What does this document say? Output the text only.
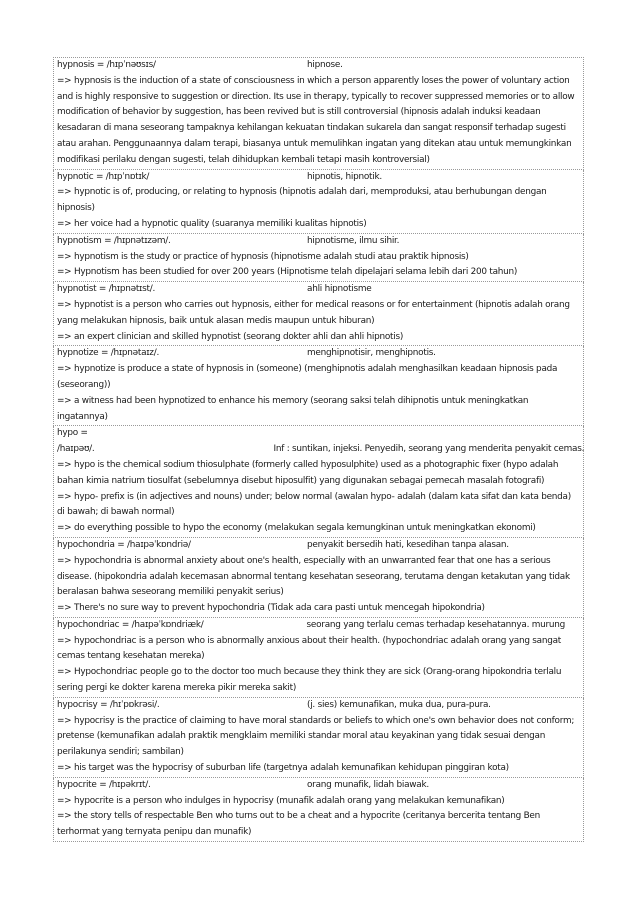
hypnosis = /hɪpˈnəʊsɪs/	hipnose.
=> hypnosis is the induction of a state of consciousness in which a person apparently loses the power of voluntary action and is highly responsive to suggestion or direction. Its use in therapy, typically to recover suppressed memories or to allow modification of behavior by suggestion, has been revived but is still controversial (hipnosis adalah induksi keadaan kesadaran di mana seseorang tampaknya kehilangan kekuatan tindakan sukarela dan sangat responsif terhadap sugesti atau arahan. Penggunaannya dalam terapi, biasanya untuk memulihkan ingatan yang ditekan atau untuk memungkinkan modifikasi perilaku dengan sugesti, telah dihidupkan kembali tetapi masih kontroversial)
hypnotic = /hɪpˈnɒtɪk/	hipnotis, hipnotik.
=> hypnotic is of, producing, or relating to hypnosis (hipnotis adalah dari, memproduksi, atau berhubungan dengan hipnosis)
=> her voice had a hypnotic quality (suaranya memiliki kualitas hipnotis)
hypnotism = /hɪpnətɪzəm/.	hipnotisme, ilmu sihir.
=> hypnotism is the study or practice of hypnosis (hipnotisme adalah studi atau praktik hipnosis)
=> Hypnotism has been studied for over 200 years (Hipnotisme telah dipelajari selama lebih dari 200 tahun)
hypnotist = /hɪpnətɪst/.	ahli hipnotisme
=> hypnotist is a person who carries out hypnosis, either for medical reasons or for entertainment (hipnotis adalah orang yang melakukan hipnosis, baik untuk alasan medis maupun untuk hiburan)
=> an expert clinician and skilled hypnotist (seorang dokter ahli dan ahli hipnotis)
hypnotize = /hɪpnətaɪz/.	menghipnotisir, menghipnotis.
=> hypnotize is produce a state of hypnosis in (someone) (menghipnotis adalah menghasilkan keadaan hipnosis pada (seseorang))
=> a witness had been hypnotized to enhance his memory (seorang saksi telah dihipnotis untuk meningkatkan ingatannya)
hypo = /haɪpəʊ/.	Inf : suntikan, injeksi. Penyedih, seorang yang menderita penyakit cemas.
=> hypo is the chemical sodium thiosulphate (formerly called hyposulphite) used as a photographic fixer (hypo adalah bahan kimia natrium tiosulfat (sebelumnya disebut hiposulfit) yang digunakan sebagai pemecah masalah fotografi)
=> hypo- prefix is (in adjectives and nouns) under; below normal (awalan hypo- adalah (dalam kata sifat dan kata benda) di bawah; di bawah normal)
=> do everything possible to hypo the economy (melakukan segala kemungkinan untuk meningkatkan ekonomi)
hypochondria = /haɪpəˈkɒndriə/	penyakit bersedih hati, kesedihan tanpa alasan.
=> hypochondria is abnormal anxiety about one's health, especially with an unwarranted fear that one has a serious disease. (hipokondria adalah kecemasan abnormal tentang kesehatan seseorang, terutama dengan ketakutan yang tidak beralasan bahwa seseorang memiliki penyakit serius)
=> There's no sure way to prevent hypochondria (Tidak ada cara pasti untuk mencegah hipokondria)
hypochondriac = /haɪpəˈkɒndriæk/	seorang yang terlalu cemas terhadap kesehatannya. murung
=> hypochondriac is a person who is abnormally anxious about their health. (hypochondriac adalah orang yang sangat cemas tentang kesehatan mereka)
=> Hypochondriac people go to the doctor too much because they think they are sick (Orang-orang hipokondria terlalu sering pergi ke dokter karena mereka pikir mereka sakit)
hypocrisy = /hɪˈpɒkrəsi/.	(j. sies) kemunafikan, muka dua, pura-pura.
=> hypocrisy is the practice of claiming to have moral standards or beliefs to which one's own behavior does not conform; pretense (kemunafikan adalah praktik mengklaim memiliki standar moral atau keyakinan yang tidak sesuai dengan perilakunya sendiri; sambilan)
=> his target was the hypocrisy of suburban life (targetnya adalah kemunafikan kehidupan pinggiran kota)
hypocrite = /hɪpəkrɪt/.	orang munafik, lidah biawak.
=> hypocrite is a person who indulges in hypocrisy (munafik adalah orang yang melakukan kemunafikan)
=> the story tells of respectable Ben who turns out to be a cheat and a hypocrite (ceritanya bercerita tentang Ben terhormat yang ternyata penipu dan munafik)
